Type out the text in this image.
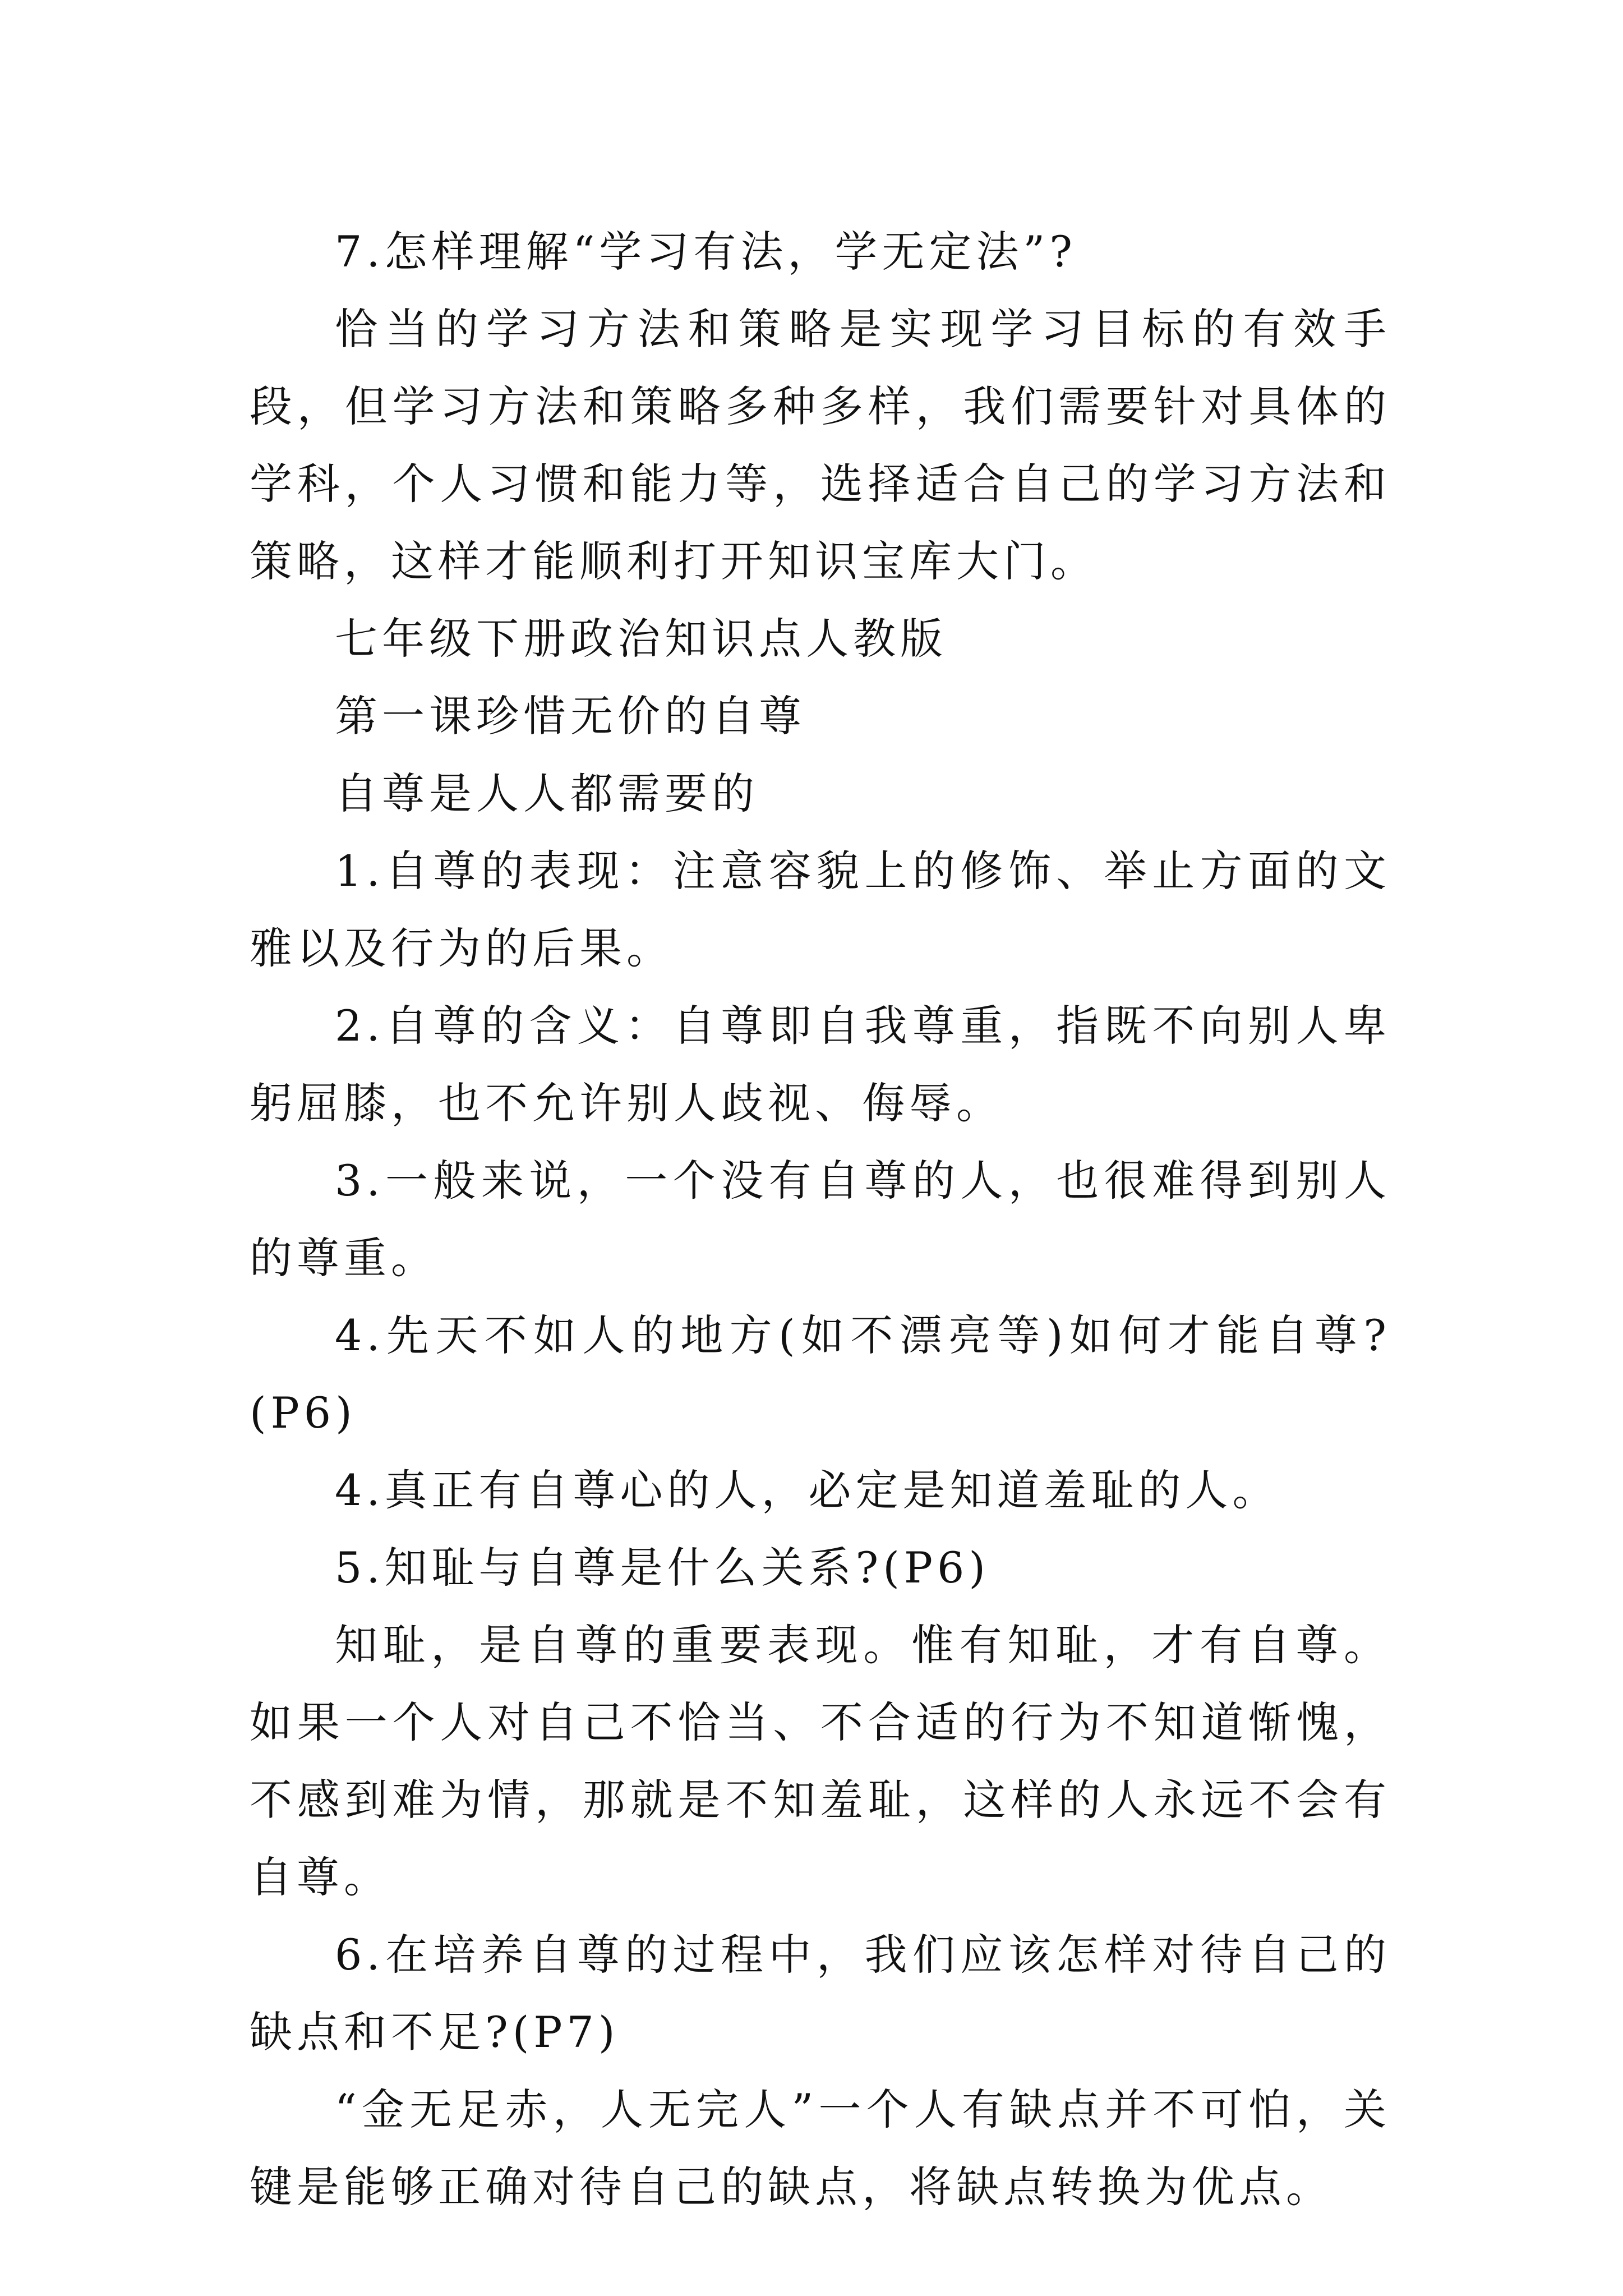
7.怎样理解“学习有法，学无定法”?

恰当的学习方法和策略是实现学习目标的有效手段，但学习方法和策略多种多样，我们需要针对具体的学科，个人习惯和能力等，选择适合自己的学习方法和策略，这样才能顺利打开知识宝库大门。

七年级下册政治知识点人教版

第一课珍惜无价的自尊

自尊是人人都需要的

1.自尊的表现：注意容貌上的修饰、举止方面的文雅以及行为的后果。

2.自尊的含义：自尊即自我尊重，指既不向别人卑躬屈膝，也不允许别人歧视、侮辱。

3.一般来说，一个没有自尊的人，也很难得到别人的尊重。

4.先天不如人的地方(如不漂亮等)如何才能自尊?(P6)

4.真正有自尊心的人，必定是知道羞耻的人。

5.知耻与自尊是什么关系?(P6)

知耻，是自尊的重要表现。惟有知耻，才有自尊。如果一个人对自己不恰当、不合适的行为不知道惭愧，不感到难为情，那就是不知羞耻，这样的人永远不会有自尊。

6.在培养自尊的过程中，我们应该怎样对待自己的缺点和不足?(P7)

“金无足赤，人无完人”一个人有缺点并不可怕，关键是能够正确对待自己的缺点，将缺点转换为优点。
